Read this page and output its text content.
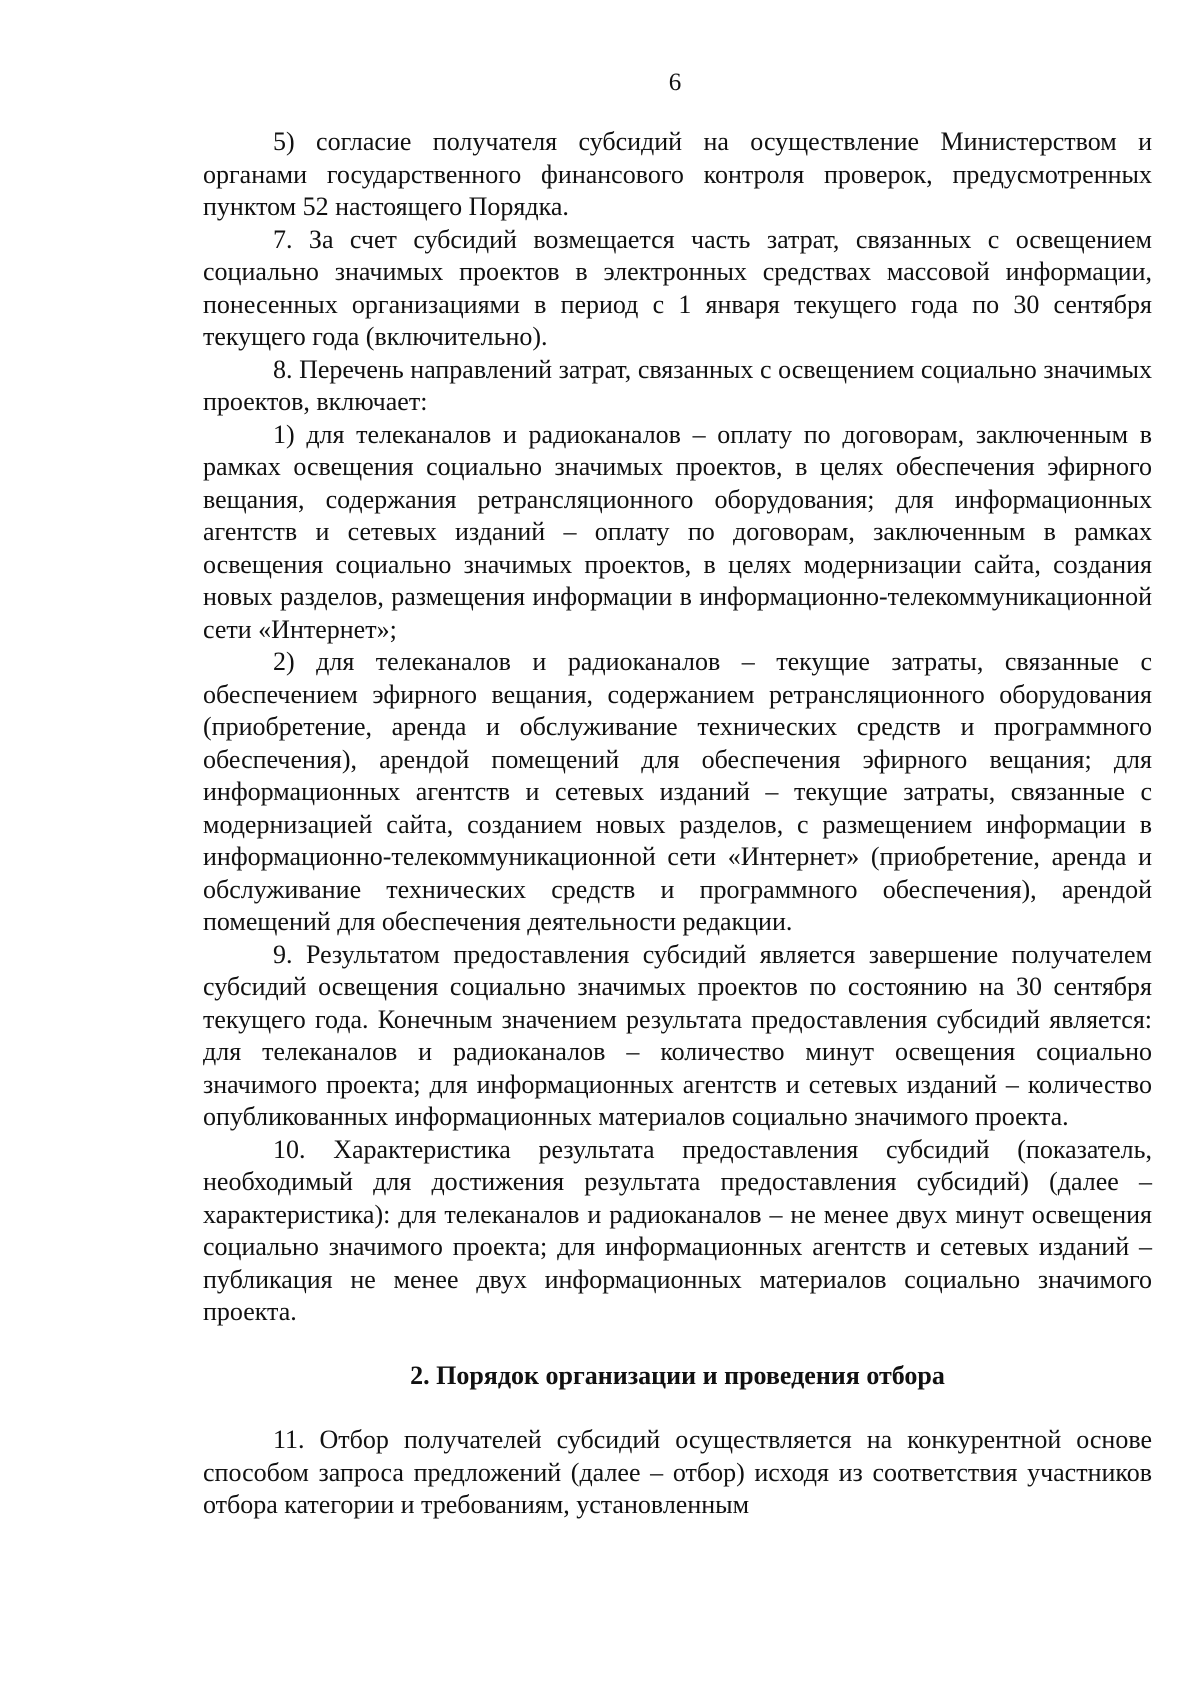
6

5) согласие получателя субсидий на осуществление Министерством и органами государственного финансового контроля проверок, предусмотренных пунктом 52 настоящего Порядка.

7. За счет субсидий возмещается часть затрат, связанных с освещением социально значимых проектов в электронных средствах массовой информации, понесенных организациями в период с 1 января текущего года по 30 сентября текущего года (включительно).

8. Перечень направлений затрат, связанных с освещением социально значимых проектов, включает:

1) для телеканалов и радиоканалов – оплату по договорам, заключенным в рамках освещения социально значимых проектов, в целях обеспечения эфирного вещания, содержания ретрансляционного оборудования; для информационных агентств и сетевых изданий – оплату по договорам, заключенным в рамках освещения социально значимых проектов, в целях модернизации сайта, создания новых разделов, размещения информации в информационно-телекоммуникационной сети «Интернет»;

2) для телеканалов и радиоканалов – текущие затраты, связанные с обеспечением эфирного вещания, содержанием ретрансляционного оборудования (приобретение, аренда и обслуживание технических средств и программного обеспечения), арендой помещений для обеспечения эфирного вещания; для информационных агентств и сетевых изданий – текущие затраты, связанные с модернизацией сайта, созданием новых разделов, с размещением информации в информационно-телекоммуникационной сети «Интернет» (приобретение, аренда и обслуживание технических средств и программного обеспечения), арендой помещений для обеспечения деятельности редакции.

9. Результатом предоставления субсидий является завершение получателем субсидий освещения социально значимых проектов по состоянию на 30 сентября текущего года. Конечным значением результата предоставления субсидий является: для телеканалов и радиоканалов – количество минут освещения социально значимого проекта; для информационных агентств и сетевых изданий – количество опубликованных информационных материалов социально значимого проекта.

10. Характеристика результата предоставления субсидий (показатель, необходимый для достижения результата предоставления субсидий) (далее – характеристика): для телеканалов и радиоканалов – не менее двух минут освещения социально значимого проекта; для информационных агентств и сетевых изданий – публикация не менее двух информационных материалов социально значимого проекта.

2. Порядок организации и проведения отбора

11. Отбор получателей субсидий осуществляется на конкурентной основе способом запроса предложений (далее – отбор) исходя из соответствия участников отбора категории и требованиям, установленным
